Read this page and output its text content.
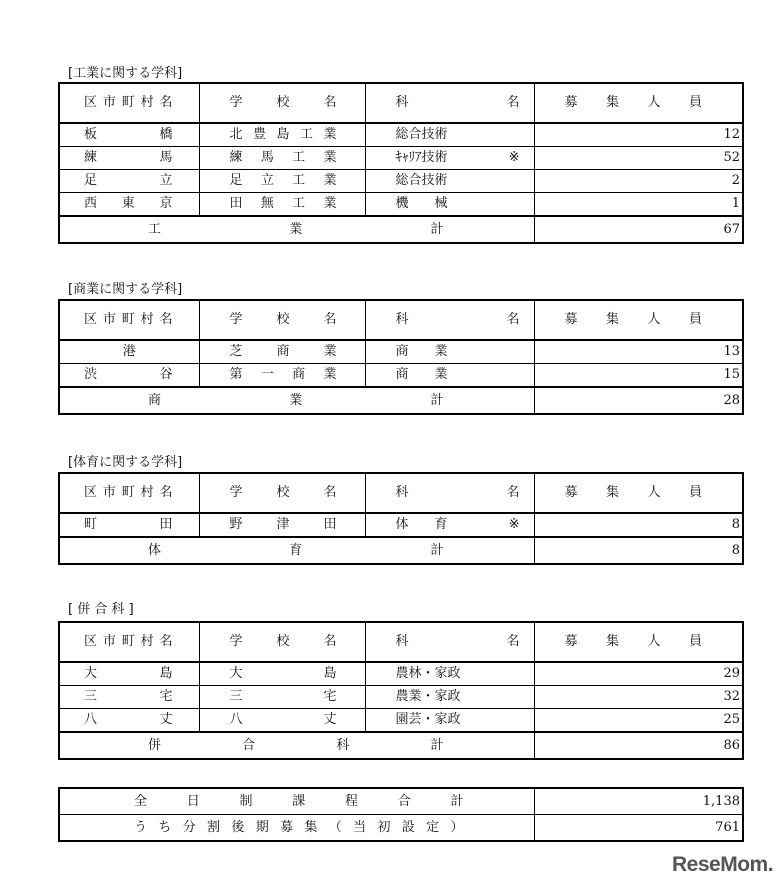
[工業に関する学科]
区市町村名	学校名	科名	募集人員
板橋	北豊島工業	総合技術	12
練馬	練馬工業	ｷｬﾘｱ技術 ※	52
足立	足立工業	総合技術	2
西東京	田無工業	機　　械	1
工業計			67
[商業に関する学科]
区市町村名	学校名	科名	募集人員
港	芝商業	商　　業	13
渋谷	第一商業	商　　業	15
商業計			28
[体育に関する学科]
区市町村名	学校名	科名	募集人員
町田	野津田	体　　育 ※	8
体育計			8
[ 併 合 科 ]
区市町村名	学校名	科名	募集人員
大島	大島	農林・家政	29
三宅	三宅	農業・家政	32
八丈	八丈	園芸・家政	25
併合科計			86
全日制課程合計	1,138
うち分割後期募集（当初設定）	761
ReseMom.
